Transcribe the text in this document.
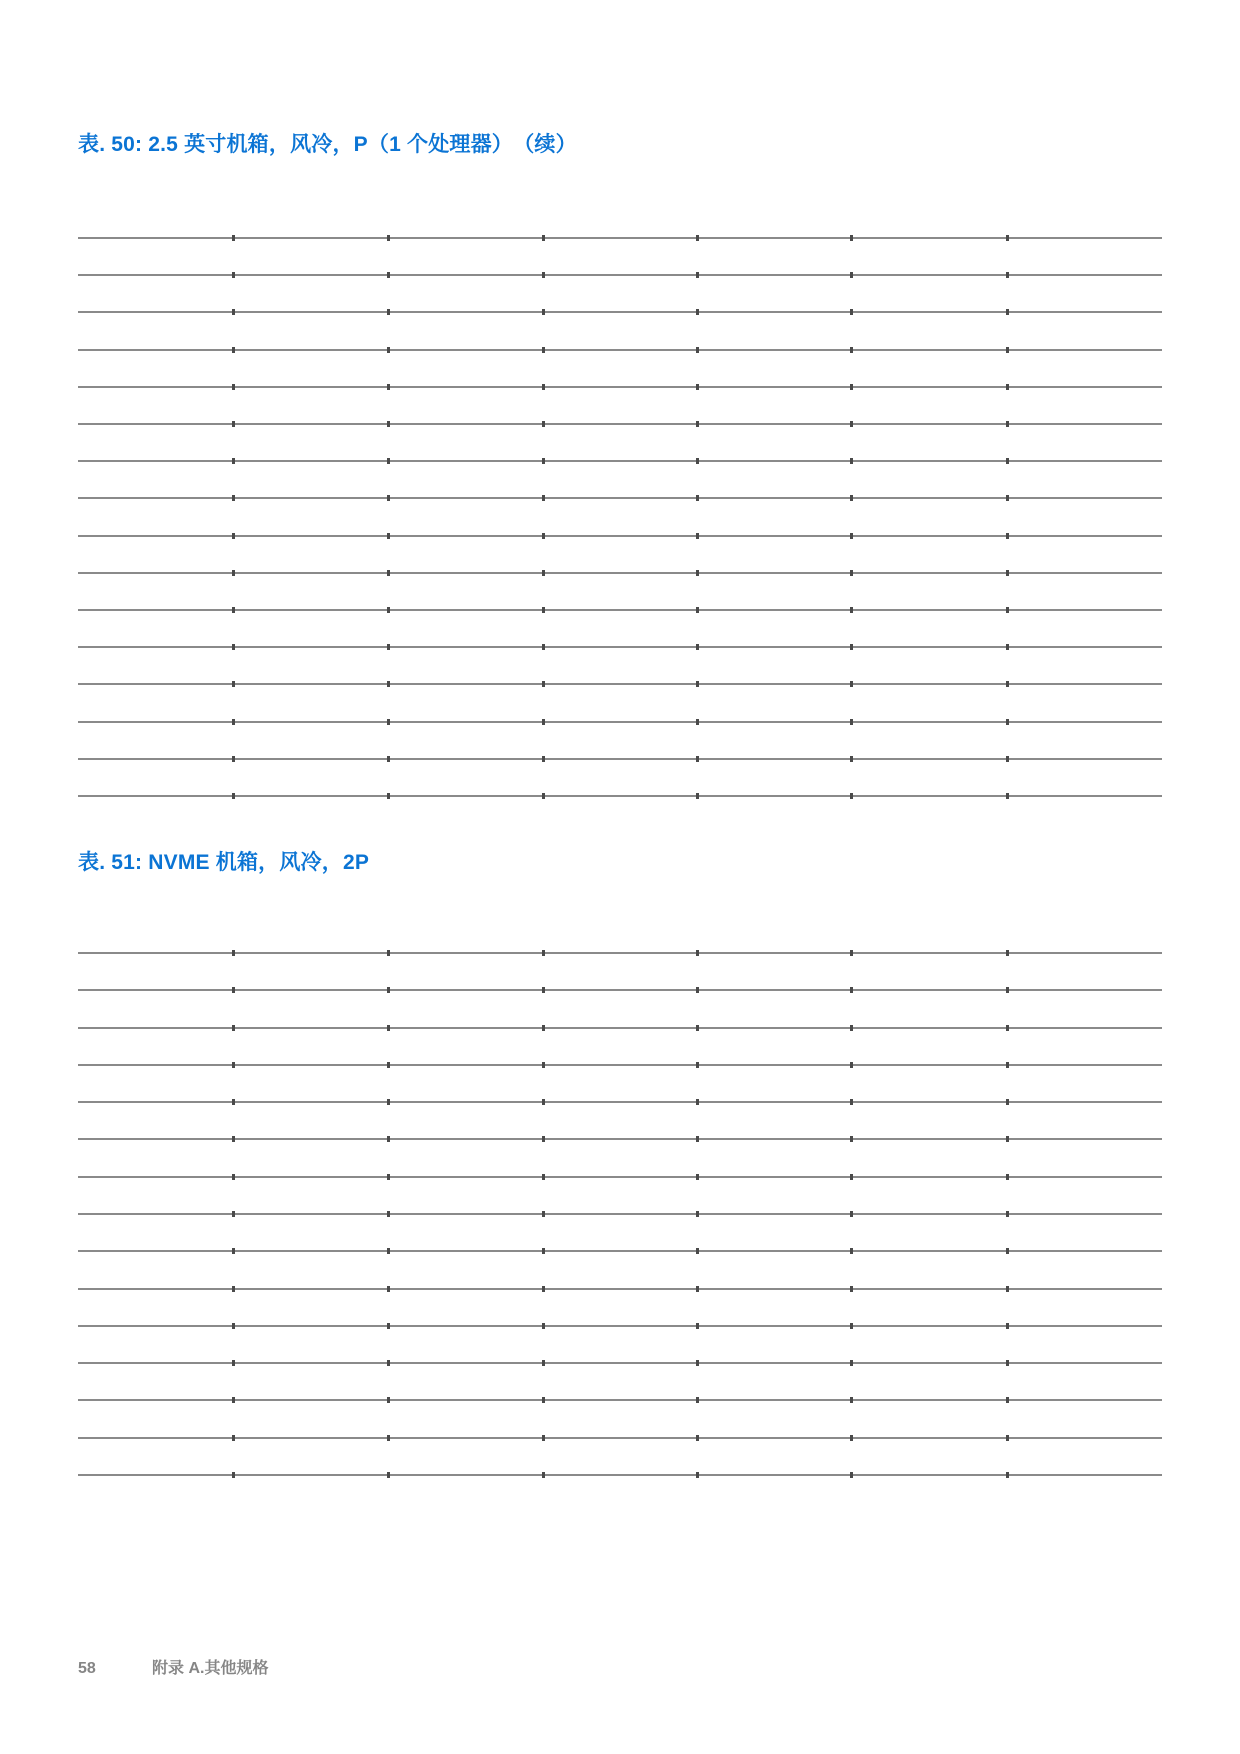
表. 50: 2.5 英寸机箱，风冷，P（1 个处理器）　（续）
表. 51: NVME 机箱，风冷，2P
58	附录 A.其他规格
